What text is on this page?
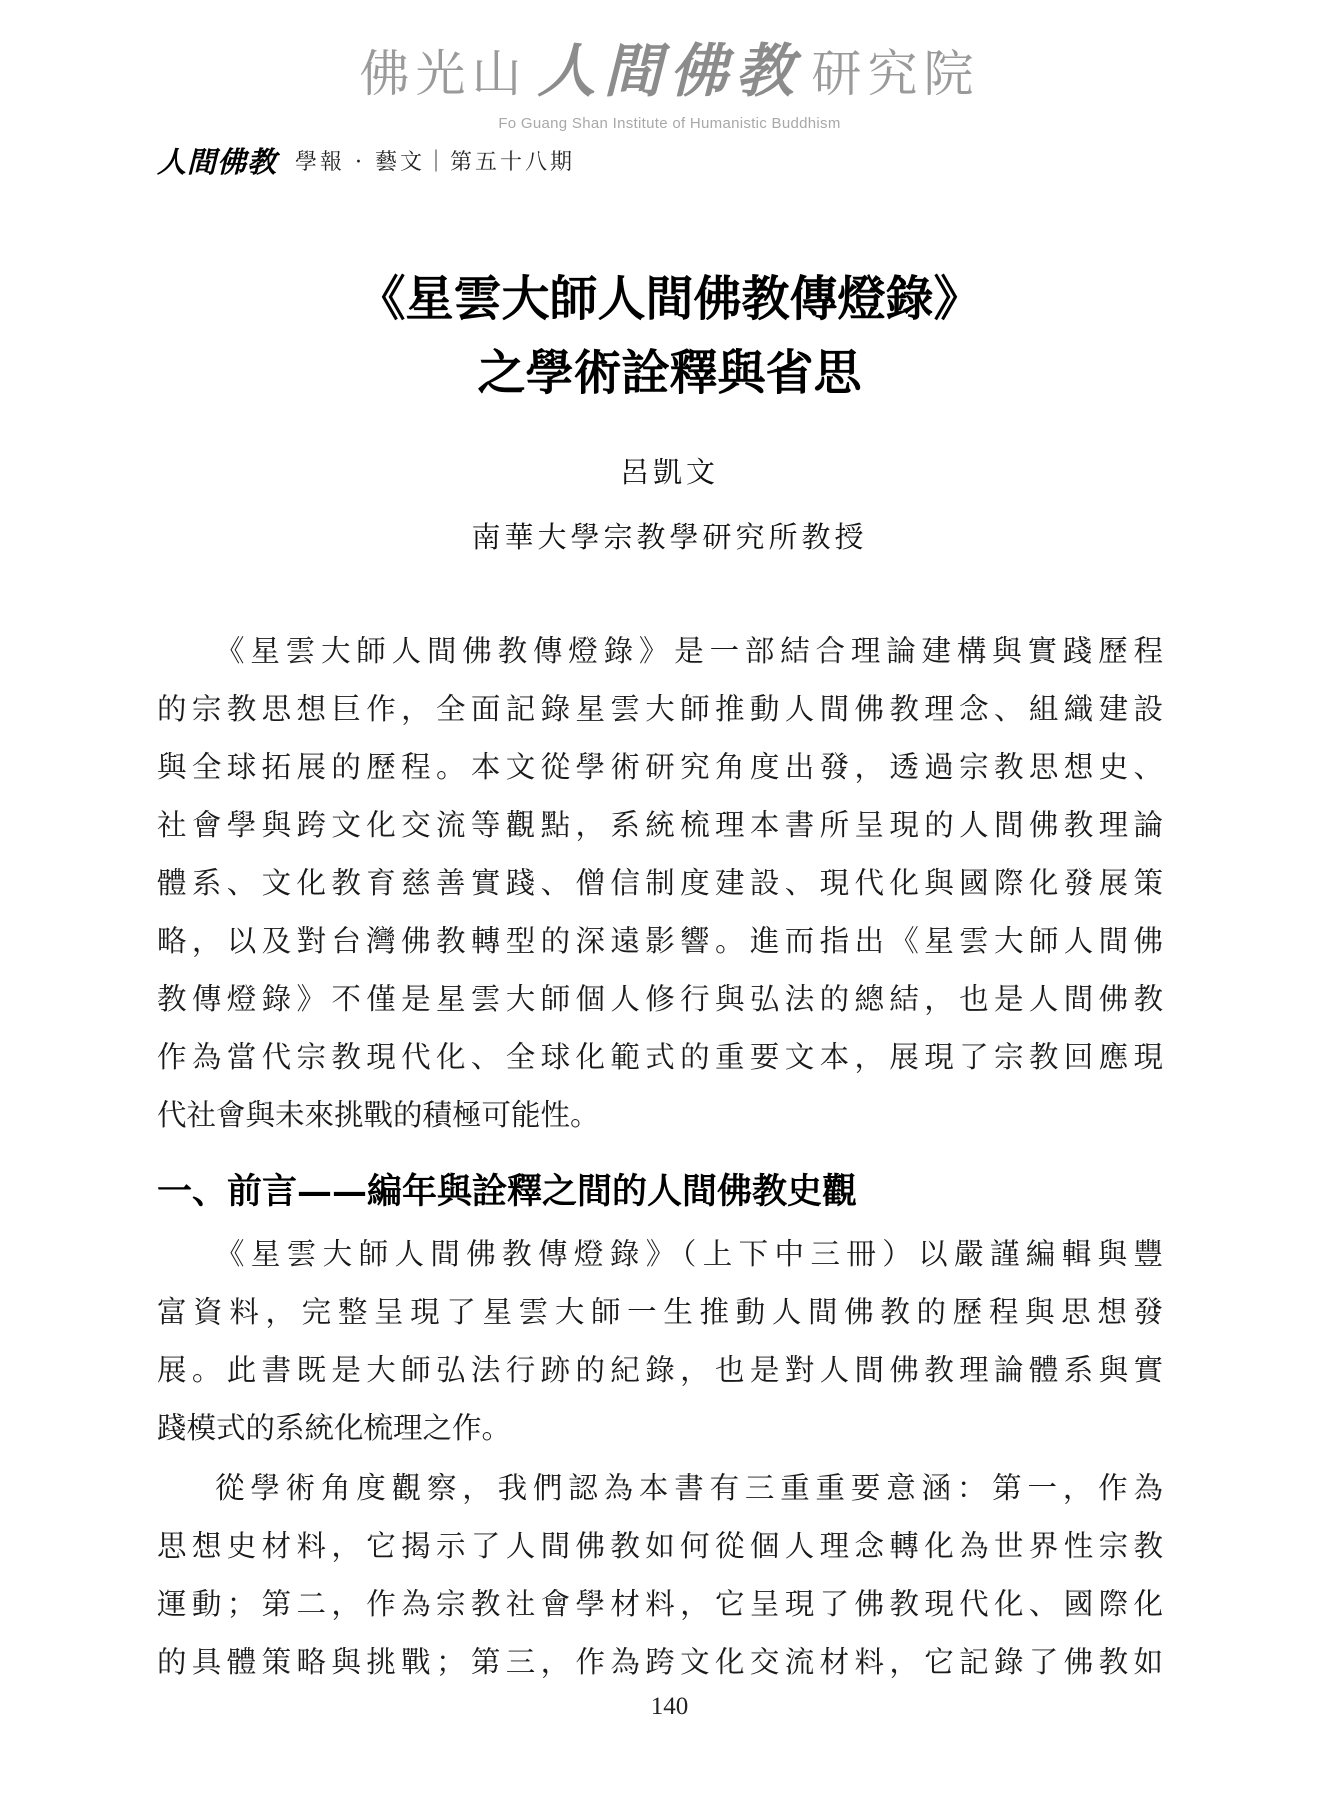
佛光山 人間佛教 研究院
Fo Guang Shan Institute of Humanistic Buddhism
人間佛教 學報 · 藝文｜第五十八期
《星雲大師人間佛教傳燈錄》
之學術詮釋與省思
呂凱文
南華大學宗教學研究所教授
《星雲大師人間佛教傳燈錄》是一部結合理論建構與實踐歷程
的宗教思想巨作，全面記錄星雲大師推動人間佛教理念、組織建設
與全球拓展的歷程。本文從學術研究角度出發，透過宗教思想史、
社會學與跨文化交流等觀點，系統梳理本書所呈現的人間佛教理論
體系、文化教育慈善實踐、僧信制度建設、現代化與國際化發展策
略，以及對台灣佛教轉型的深遠影響。進而指出《星雲大師人間佛
教傳燈錄》不僅是星雲大師個人修行與弘法的總結，也是人間佛教
作為當代宗教現代化、全球化範式的重要文本，展現了宗教回應現
代社會與未來挑戰的積極可能性。
一、前言——編年與詮釋之間的人間佛教史觀
《星雲大師人間佛教傳燈錄》（上下中三冊）以嚴謹編輯與豐
富資料，完整呈現了星雲大師一生推動人間佛教的歷程與思想發
展。此書既是大師弘法行跡的紀錄，也是對人間佛教理論體系與實
踐模式的系統化梳理之作。
從學術角度觀察，我們認為本書有三重重要意涵：第一，作為
思想史材料，它揭示了人間佛教如何從個人理念轉化為世界性宗教
運動；第二，作為宗教社會學材料，它呈現了佛教現代化、國際化
的具體策略與挑戰；第三，作為跨文化交流材料，它記錄了佛教如
140
